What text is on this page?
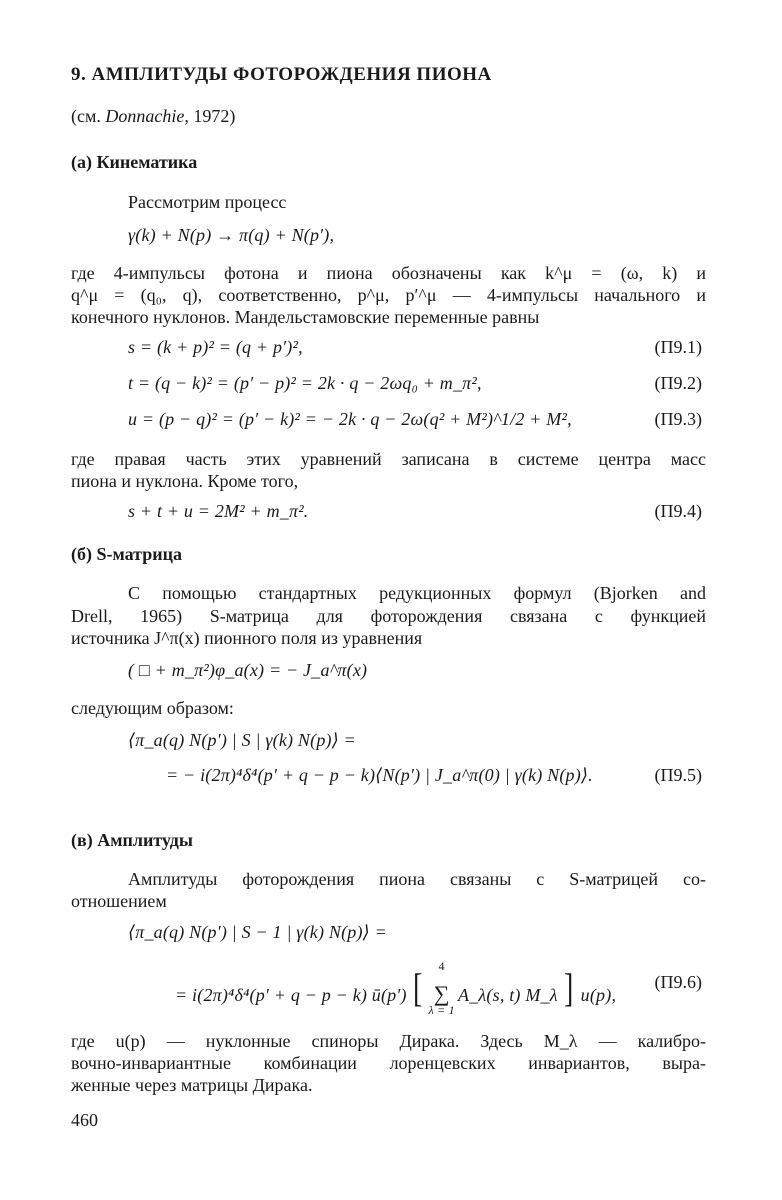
9. АМПЛИТУДЫ ФОТОРОЖДЕНИЯ ПИОНА
(см. Donnachie, 1972)
(а) Кинематика
Рассмотрим процесс
γ(k) + N(p) → π(q) + N(p′),
где 4-импульсы фотона и пиона обозначены как k^μ = (ω, k) и
q^μ = (q₀, q), соответственно, p^μ, p′^μ — 4-импульсы начального и
конечного нуклонов. Мандельстамовские переменные равны
s = (k + p)² = (q + p′)²,	(П9.1)
t = (q − k)² = (p′ − p)² = 2k · q − 2ωq₀ + m_π²,	(П9.2)
u = (p − q)² = (p′ − k)² = − 2k · q − 2ω(q² + M²)^1/2 + M²,	(П9.3)
где правая часть этих уравнений записана в системе центра масс
пиона и нуклона. Кроме того,
s + t + u = 2M² + m_π².	(П9.4)
(б) S-матрица
С помощью стандартных редукционных формул (Bjorken and
Drell, 1965) S-матрица для фоторождения связана с функцией
источника J^π(x) пионного поля из уравнения
( □ + m_π²)φ_a(x) = − J_a^π(x)
следующим образом:
⟨π_a(q) N(p′) | S | γ(k) N(p)⟩ =
= − i(2π)⁴δ⁴(p′ + q − p − k)⟨N(p′) | J_a^π(0) | γ(k) N(p)⟩.	(П9.5)
(в) Амплитуды
Амплитуды фоторождения пиона связаны с S-матрицей со-
отношением
⟨π_a(q) N(p′) | S − 1 | γ(k) N(p)⟩ =
= i(2π)⁴δ⁴(p′ + q − p − k) ū(p′) [	4
∑
λ = 1
A_λ(s, t) M_λ ] u(p),
(П9.6)
где u(p) — нуклонные спиноры Дирака. Здесь M_λ — калибро-
вочно-инвариантные комбинации лоренцевских инвариантов, выра-
женные через матрицы Дирака.
460
